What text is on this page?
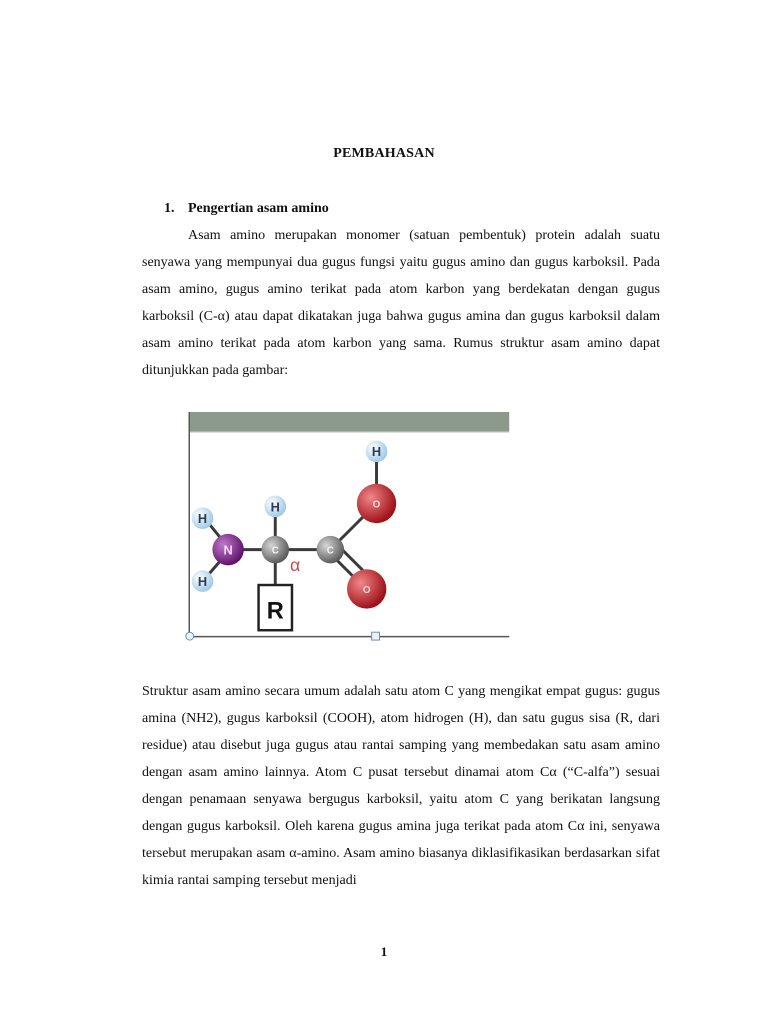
PEMBAHASAN
1. Pengertian asam amino
Asam amino merupakan monomer (satuan pembentuk) protein adalah suatu senyawa yang mempunyai dua gugus fungsi yaitu gugus amino dan gugus karboksil. Pada asam amino, gugus amino terikat pada atom karbon yang berdekatan dengan gugus karboksil (C-α) atau dapat dikatakan juga bahwa gugus amina dan gugus karboksil dalam asam amino terikat pada atom karbon yang sama. Rumus struktur asam amino dapat ditunjukkan pada gambar:
R
H
O
H
H
N	C
α
C
H
O
Struktur asam amino secara umum adalah satu atom C yang mengikat empat gugus: gugus amina (NH2), gugus karboksil (COOH), atom hidrogen (H), dan satu gugus sisa (R, dari residue) atau disebut juga gugus atau rantai samping yang membedakan satu asam amino dengan asam amino lainnya. Atom C pusat tersebut dinamai atom Cα (“C-alfa”) sesuai dengan penamaan senyawa bergugus karboksil, yaitu atom C yang berikatan langsung dengan gugus karboksil. Oleh karena gugus amina juga terikat pada atom Cα ini, senyawa tersebut merupakan asam α-amino. Asam amino biasanya diklasifikasikan berdasarkan sifat kimia rantai samping tersebut menjadi
1
